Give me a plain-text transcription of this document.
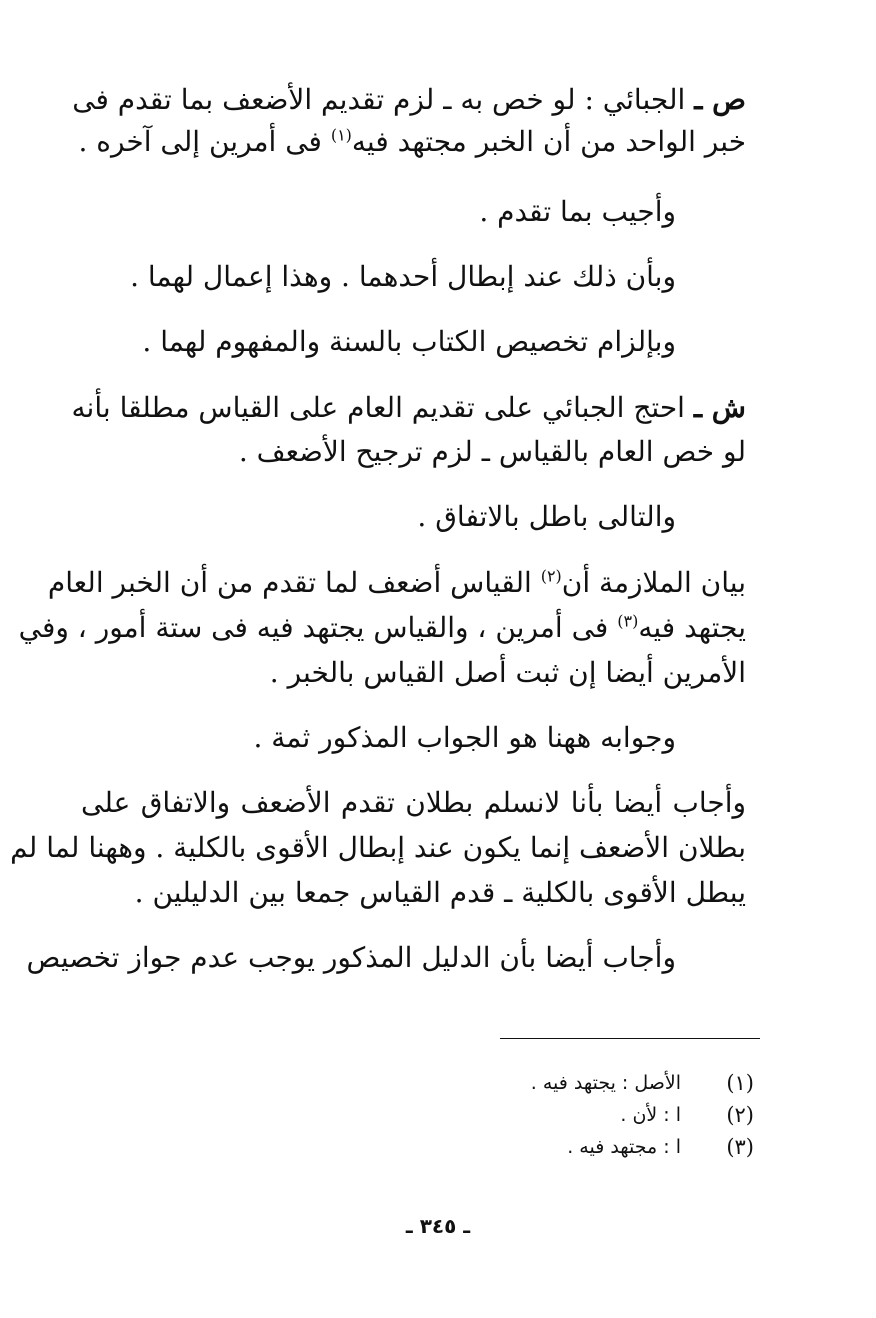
ص ـ الجبائي : لو خص به ـ لزم تقديم الأضعف بما تقدم فى
خبر الواحد من أن الخبر مجتهد فيه$^{(١)}$ فى أمرين إلى آخره .
وأجيب بما تقدم .
وبأن ذلك عند إبطال أحدهما . وهذا إعمال لهما .
وبإلزام تخصيص الكتاب بالسنة والمفهوم لهما .
ش ـ احتج الجبائي على تقديم العام على القياس مطلقا بأنه
لو خص العام بالقياس ـ لزم ترجيح الأضعف .
والتالى باطل بالاتفاق .
بيان الملازمة أن$^{(٢)}$ القياس أضعف لما تقدم من أن الخبر العام
يجتهد فيه$^{(٣)}$ فى أمرين ، والقياس يجتهد فيه فى ستة أمور ، وفي
الأمرين أيضا إن ثبت أصل القياس بالخبر .
وجوابه ههنا هو الجواب المذكور ثمة .
وأجاب أيضا بأنا لانسلم بطلان تقدم الأضعف والاتفاق على
بطلان الأضعف إنما يكون عند إبطال الأقوى بالكلية . وههنا لما لم
يبطل الأقوى بالكلية ـ قدم القياس جمعا بين الدليلين .
وأجاب أيضا بأن الدليل المذكور يوجب عدم جواز تخصيص
(١)
الأصل : يجتهد فيه .
(٢)
ا : لأن .
(٣)
ا : مجتهد فيه .
ـ ٣٤٥ ـ
